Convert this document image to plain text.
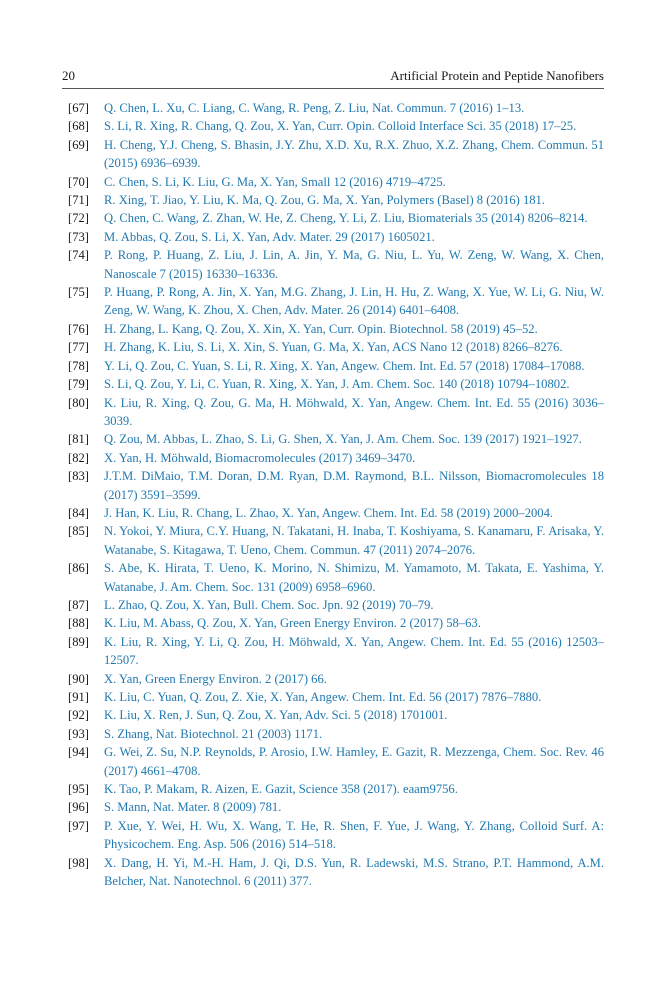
20	Artificial Protein and Peptide Nanofibers
[67] Q. Chen, L. Xu, C. Liang, C. Wang, R. Peng, Z. Liu, Nat. Commun. 7 (2016) 1–13.
[68] S. Li, R. Xing, R. Chang, Q. Zou, X. Yan, Curr. Opin. Colloid Interface Sci. 35 (2018) 17–25.
[69] H. Cheng, Y.J. Cheng, S. Bhasin, J.Y. Zhu, X.D. Xu, R.X. Zhuo, X.Z. Zhang, Chem. Commun. 51 (2015) 6936–6939.
[70] C. Chen, S. Li, K. Liu, G. Ma, X. Yan, Small 12 (2016) 4719–4725.
[71] R. Xing, T. Jiao, Y. Liu, K. Ma, Q. Zou, G. Ma, X. Yan, Polymers (Basel) 8 (2016) 181.
[72] Q. Chen, C. Wang, Z. Zhan, W. He, Z. Cheng, Y. Li, Z. Liu, Biomaterials 35 (2014) 8206–8214.
[73] M. Abbas, Q. Zou, S. Li, X. Yan, Adv. Mater. 29 (2017) 1605021.
[74] P. Rong, P. Huang, Z. Liu, J. Lin, A. Jin, Y. Ma, G. Niu, L. Yu, W. Zeng, W. Wang, X. Chen, Nanoscale 7 (2015) 16330–16336.
[75] P. Huang, P. Rong, A. Jin, X. Yan, M.G. Zhang, J. Lin, H. Hu, Z. Wang, X. Yue, W. Li, G. Niu, W. Zeng, W. Wang, K. Zhou, X. Chen, Adv. Mater. 26 (2014) 6401–6408.
[76] H. Zhang, L. Kang, Q. Zou, X. Xin, X. Yan, Curr. Opin. Biotechnol. 58 (2019) 45–52.
[77] H. Zhang, K. Liu, S. Li, X. Xin, S. Yuan, G. Ma, X. Yan, ACS Nano 12 (2018) 8266–8276.
[78] Y. Li, Q. Zou, C. Yuan, S. Li, R. Xing, X. Yan, Angew. Chem. Int. Ed. 57 (2018) 17084–17088.
[79] S. Li, Q. Zou, Y. Li, C. Yuan, R. Xing, X. Yan, J. Am. Chem. Soc. 140 (2018) 10794–10802.
[80] K. Liu, R. Xing, Q. Zou, G. Ma, H. Möhwald, X. Yan, Angew. Chem. Int. Ed. 55 (2016) 3036–3039.
[81] Q. Zou, M. Abbas, L. Zhao, S. Li, G. Shen, X. Yan, J. Am. Chem. Soc. 139 (2017) 1921–1927.
[82] X. Yan, H. Möhwald, Biomacromolecules (2017) 3469–3470.
[83] J.T.M. DiMaio, T.M. Doran, D.M. Ryan, D.M. Raymond, B.L. Nilsson, Biomacromolecules 18 (2017) 3591–3599.
[84] J. Han, K. Liu, R. Chang, L. Zhao, X. Yan, Angew. Chem. Int. Ed. 58 (2019) 2000–2004.
[85] N. Yokoi, Y. Miura, C.Y. Huang, N. Takatani, H. Inaba, T. Koshiyama, S. Kanamaru, F. Arisaka, Y. Watanabe, S. Kitagawa, T. Ueno, Chem. Commun. 47 (2011) 2074–2076.
[86] S. Abe, K. Hirata, T. Ueno, K. Morino, N. Shimizu, M. Yamamoto, M. Takata, E. Yashima, Y. Watanabe, J. Am. Chem. Soc. 131 (2009) 6958–6960.
[87] L. Zhao, Q. Zou, X. Yan, Bull. Chem. Soc. Jpn. 92 (2019) 70–79.
[88] K. Liu, M. Abass, Q. Zou, X. Yan, Green Energy Environ. 2 (2017) 58–63.
[89] K. Liu, R. Xing, Y. Li, Q. Zou, H. Möhwald, X. Yan, Angew. Chem. Int. Ed. 55 (2016) 12503–12507.
[90] X. Yan, Green Energy Environ. 2 (2017) 66.
[91] K. Liu, C. Yuan, Q. Zou, Z. Xie, X. Yan, Angew. Chem. Int. Ed. 56 (2017) 7876–7880.
[92] K. Liu, X. Ren, J. Sun, Q. Zou, X. Yan, Adv. Sci. 5 (2018) 1701001.
[93] S. Zhang, Nat. Biotechnol. 21 (2003) 1171.
[94] G. Wei, Z. Su, N.P. Reynolds, P. Arosio, I.W. Hamley, E. Gazit, R. Mezzenga, Chem. Soc. Rev. 46 (2017) 4661–4708.
[95] K. Tao, P. Makam, R. Aizen, E. Gazit, Science 358 (2017). eaam9756.
[96] S. Mann, Nat. Mater. 8 (2009) 781.
[97] P. Xue, Y. Wei, H. Wu, X. Wang, T. He, R. Shen, F. Yue, J. Wang, Y. Zhang, Colloid Surf. A: Physicochem. Eng. Asp. 506 (2016) 514–518.
[98] X. Dang, H. Yi, M.-H. Ham, J. Qi, D.S. Yun, R. Ladewski, M.S. Strano, P.T. Hammond, A.M. Belcher, Nat. Nanotechnol. 6 (2011) 377.
